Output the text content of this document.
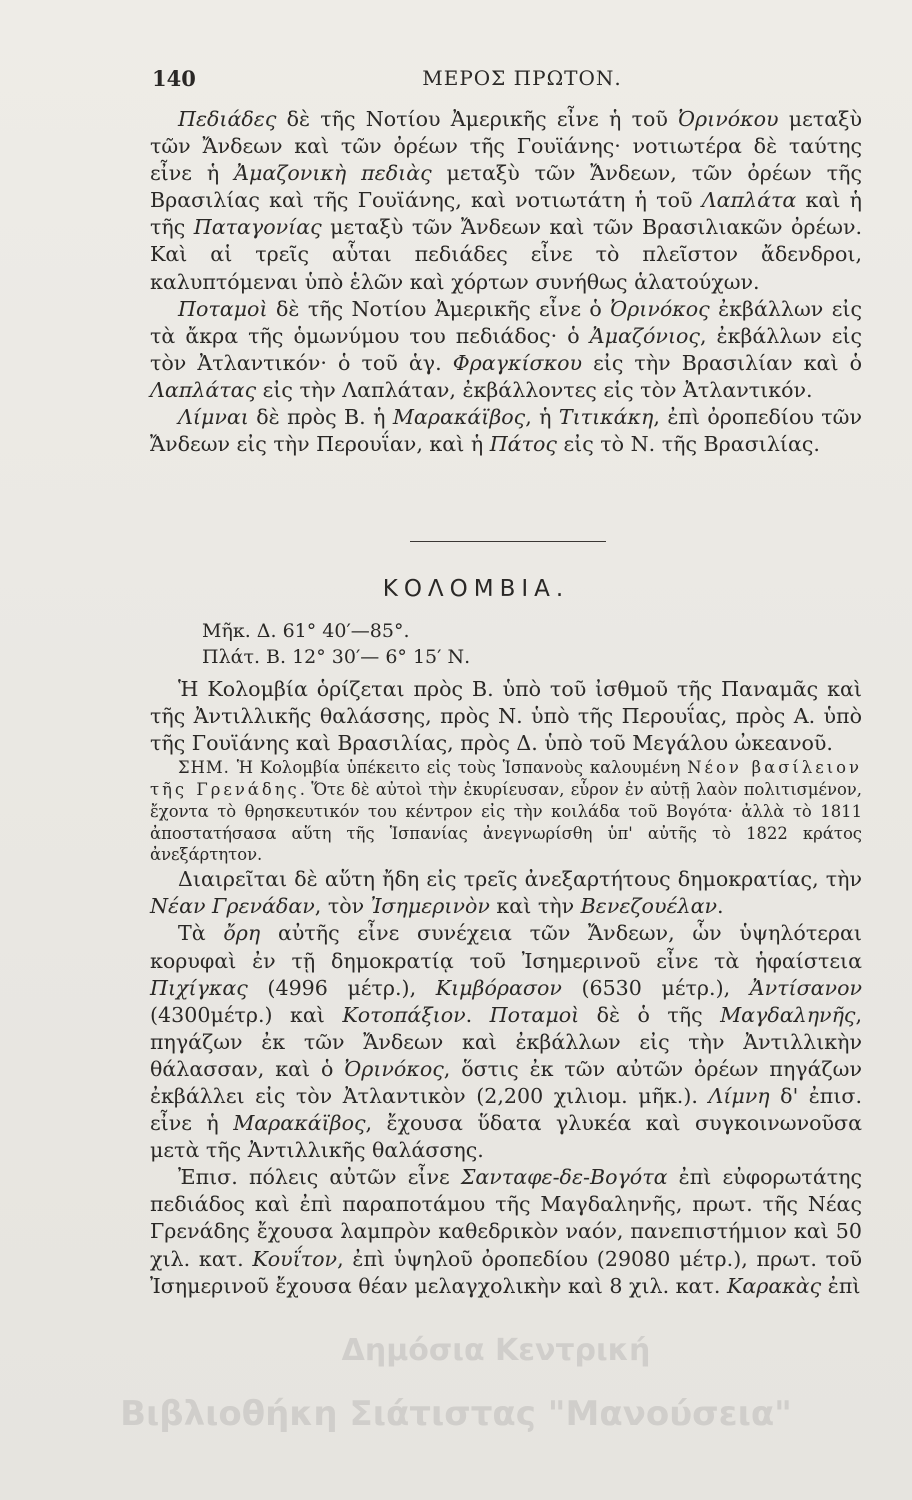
140	ΜΕΡΟΣ ΠΡΩΤΟΝ.

Πεδιάδες δὲ τῆς Νοτίου Ἀμερικῆς εἶνε ἡ τοῦ Ὀρινόκου μεταξὺ τῶν Ἄνδεων καὶ τῶν ὀρέων τῆς Γουϊάνης· νοτιωτέρα δὲ ταύτης εἶνε ἡ Ἀμαζονικὴ πεδιὰς μεταξὺ τῶν Ἄνδεων, τῶν ὀρέων τῆς Βρασιλίας καὶ τῆς Γουϊάνης, καὶ νοτιωτάτη ἡ τοῦ Λαπλάτα καὶ ἡ τῆς Παταγονίας μεταξὺ τῶν Ἄνδεων καὶ τῶν Βρασιλιακῶν ὀρέων. Καὶ αἱ τρεῖς αὗται πεδιάδες εἶνε τὸ πλεῖστον ἄδενδροι, καλυπτόμεναι ὑπὸ ἑλῶν καὶ χόρτων συνήθως ἁλατούχων.

Ποταμοὶ δὲ τῆς Νοτίου Ἀμερικῆς εἶνε ὁ Ὀρινόκος ἐκβάλλων εἰς τὰ ἄκρα τῆς ὁμωνύμου του πεδιάδος· ὁ Ἀμαζόνιος, ἐκβάλλων εἰς τὸν Ἀτλαντικόν· ὁ τοῦ ἁγ. Φραγκίσκου εἰς τὴν Βρασιλίαν καὶ ὁ Λαπλάτας εἰς τὴν Λαπλάταν, ἐκβάλλοντες εἰς τὸν Ἀτλαντικόν.

Λίμναι δὲ πρὸς Β. ἡ Μαρακάϊβος, ἡ Τιτικάκη, ἐπὶ ὀροπεδίου τῶν Ἄνδεων εἰς τὴν Περουΐαν, καὶ ἡ Πάτος εἰς τὸ Ν. τῆς Βρασιλίας.

ΚΟΛΟΜΒΙΑ.
Μῆκ. Δ. 61° 40′—85°.
Πλάτ. Β. 12° 30′— 6° 15′ Ν.

Ἡ Κολομβία ὁρίζεται πρὸς Β. ὑπὸ τοῦ ἰσθμοῦ τῆς Παναμᾶς καὶ τῆς Ἀντιλλικῆς θαλάσσης, πρὸς Ν. ὑπὸ τῆς Περουΐας, πρὸς Α. ὑπὸ τῆς Γουϊάνης καὶ Βρασιλίας, πρὸς Δ. ὑπὸ τοῦ Μεγάλου ὠκεανοῦ.

ΣΗΜ. Ἡ Κολομβία ὑπέκειτο εἰς τοὺς Ἱσπανοὺς καλουμένη Νέον βασίλειον τῆς Γρενάδης. Ὅτε δὲ αὐτοὶ τὴν ἐκυρίευσαν, εὗρον ἐν αὐτῇ λαὸν πολιτισμένον, ἔχοντα τὸ θρησκευτικόν του κέντρον εἰς τὴν κοιλάδα τοῦ Βογότα· ἀλλὰ τὸ 1811 ἀποστατήσασα αὕτη τῆς Ἱσπανίας ἀνεγνωρίσθη ὑπ' αὐτῆς τὸ 1822 κράτος ἀνεξάρτητον.

Διαιρεῖται δὲ αὕτη ἤδη εἰς τρεῖς ἀνεξαρτήτους δημοκρατίας, τὴν Νέαν Γρενάδαν, τὸν Ἰσημερινὸν καὶ τὴν Βενεζουέλαν.

Τὰ ὄρη αὐτῆς εἶνε συνέχεια τῶν Ἄνδεων, ὧν ὑψηλότεραι κορυφαὶ ἐν τῇ δημοκρατίᾳ τοῦ Ἰσημερινοῦ εἶνε τὰ ἡφαίστεια Πιχίγκας (4996 μέτρ.), Κιμβόρασον (6530 μέτρ.), Ἀντίσανον (4300μέτρ.) καὶ Κοτοπάξιον. Ποταμοὶ δὲ ὁ τῆς Μαγδαληνῆς, πηγάζων ἐκ τῶν Ἄνδεων καὶ ἐκβάλλων εἰς τὴν Ἀντιλλικὴν θάλασσαν, καὶ ὁ Ὀρινόκος, ὅστις ἐκ τῶν αὐτῶν ὀρέων πηγάζων ἐκβάλλει εἰς τὸν Ἀτλαντικὸν (2,200 χιλιομ. μῆκ.). Λίμνη δ' ἐπισ. εἶνε ἡ Μαρακάϊβος, ἔχουσα ὕδατα γλυκέα καὶ συγκοινωνοῦσα μετὰ τῆς Ἀντιλλικῆς θαλάσσης.

Ἐπισ. πόλεις αὐτῶν εἶνε Σανταφε-δε-Βογότα ἐπὶ εὐφορωτάτης πεδιάδος καὶ ἐπὶ παραποτάμου τῆς Μαγδαληνῆς, πρωτ. τῆς Νέας Γρενάδης ἔχουσα λαμπρὸν καθεδρικὸν ναόν, πανεπιστήμιον καὶ 50 χιλ. κατ. Κουΐτον, ἐπὶ ὑψηλοῦ ὀροπεδίου (29080 μέτρ.), πρωτ. τοῦ Ἰσημερινοῦ ἔχουσα θέαν μελαγχολικὴν καὶ 8 χιλ. κατ. Καρακὰς ἐπὶ

Δημόσια Κεντρική
Βιβλιοθήκη Σιάτιστας "Μανούσεια"
